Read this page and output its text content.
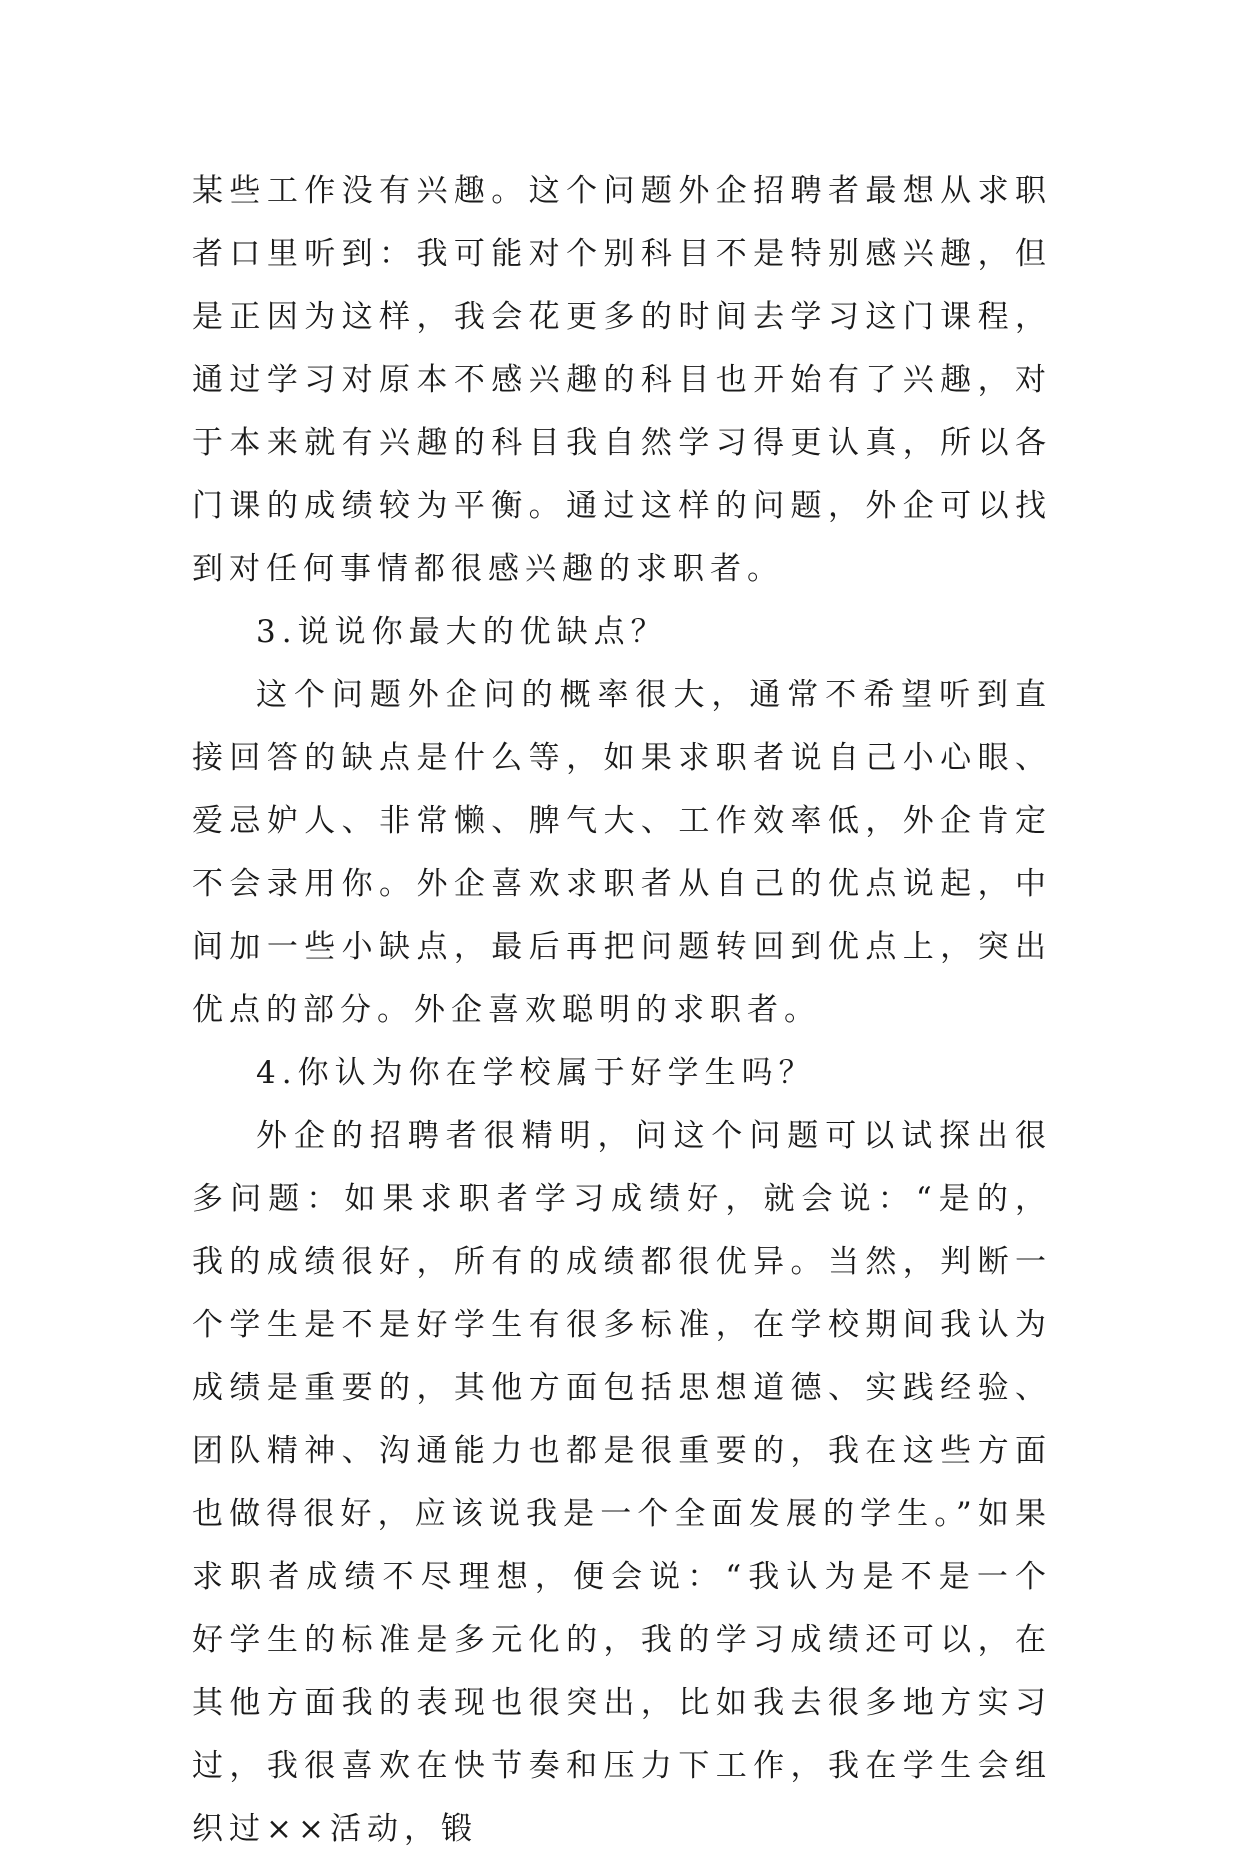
某些工作没有兴趣。这个问题外企招聘者最想从求职者口里听到：我可能对个别科目不是特别感兴趣，但是正因为这样，我会花更多的时间去学习这门课程，通过学习对原本不感兴趣的科目也开始有了兴趣，对于本来就有兴趣的科目我自然学习得更认真，所以各门课的成绩较为平衡。通过这样的问题，外企可以找到对任何事情都很感兴趣的求职者。

3.说说你最大的优缺点？

这个问题外企问的概率很大，通常不希望听到直接回答的缺点是什么等，如果求职者说自己小心眼、爱忌妒人、非常懒、脾气大、工作效率低，外企肯定不会录用你。外企喜欢求职者从自己的优点说起，中间加一些小缺点，最后再把问题转回到优点上，突出优点的部分。外企喜欢聪明的求职者。

4.你认为你在学校属于好学生吗？

外企的招聘者很精明，问这个问题可以试探出很多问题：如果求职者学习成绩好，就会说：“是的，我的成绩很好，所有的成绩都很优异。当然，判断一个学生是不是好学生有很多标准，在学校期间我认为成绩是重要的，其他方面包括思想道德、实践经验、团队精神、沟通能力也都是很重要的，我在这些方面也做得很好，应该说我是一个全面发展的学生。”如果求职者成绩不尽理想，便会说：“我认为是不是一个好学生的标准是多元化的，我的学习成绩还可以，在其他方面我的表现也很突出，比如我去很多地方实习过，我很喜欢在快节奏和压力下工作，我在学生会组织过××活动，锻
